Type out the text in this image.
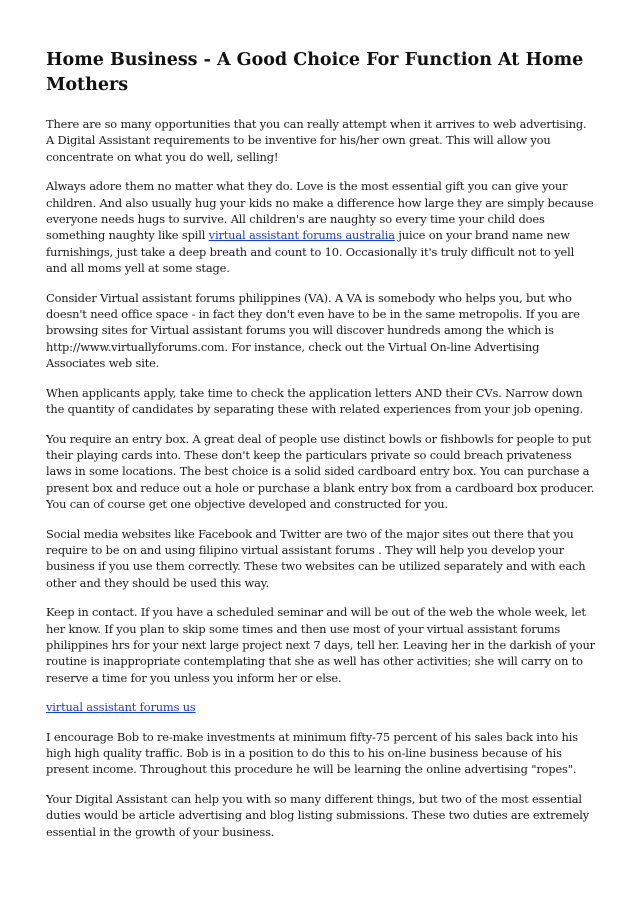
Home Business - A Good Choice For Function At Home Mothers

There are so many opportunities that you can really attempt when it arrives to web advertising. A Digital Assistant requirements to be inventive for his/her own great. This will allow you concentrate on what you do well, selling!

Always adore them no matter what they do. Love is the most essential gift you can give your children. And also usually hug your kids no make a difference how large they are simply because everyone needs hugs to survive. All children's are naughty so every time your child does something naughty like spill virtual assistant forums australia juice on your brand name new furnishings, just take a deep breath and count to 10. Occasionally it's truly difficult not to yell and all moms yell at some stage.

Consider Virtual assistant forums philippines (VA). A VA is somebody who helps you, but who doesn't need office space - in fact they don't even have to be in the same metropolis. If you are browsing sites for Virtual assistant forums you will discover hundreds among the which is http://www.virtuallyforums.com. For instance, check out the Virtual On-line Advertising Associates web site.

When applicants apply, take time to check the application letters AND their CVs. Narrow down the quantity of candidates by separating these with related experiences from your job opening.

You require an entry box. A great deal of people use distinct bowls or fishbowls for people to put their playing cards into. These don't keep the particulars private so could breach privateness laws in some locations. The best choice is a solid sided cardboard entry box. You can purchase a present box and reduce out a hole or purchase a blank entry box from a cardboard box producer. You can of course get one objective developed and constructed for you.

Social media websites like Facebook and Twitter are two of the major sites out there that you require to be on and using filipino virtual assistant forums . They will help you develop your business if you use them correctly. These two websites can be utilized separately and with each other and they should be used this way.

Keep in contact. If you have a scheduled seminar and will be out of the web the whole week, let her know. If you plan to skip some times and then use most of your virtual assistant forums philippines hrs for your next large project next 7 days, tell her. Leaving her in the darkish of your routine is inappropriate contemplating that she as well has other activities; she will carry on to reserve a time for you unless you inform her or else.

virtual assistant forums us

I encourage Bob to re-make investments at minimum fifty-75 percent of his sales back into his high high quality traffic. Bob is in a position to do this to his on-line business because of his present income. Throughout this procedure he will be learning the online advertising "ropes".

Your Digital Assistant can help you with so many different things, but two of the most essential duties would be article advertising and blog listing submissions. These two duties are extremely essential in the growth of your business.
